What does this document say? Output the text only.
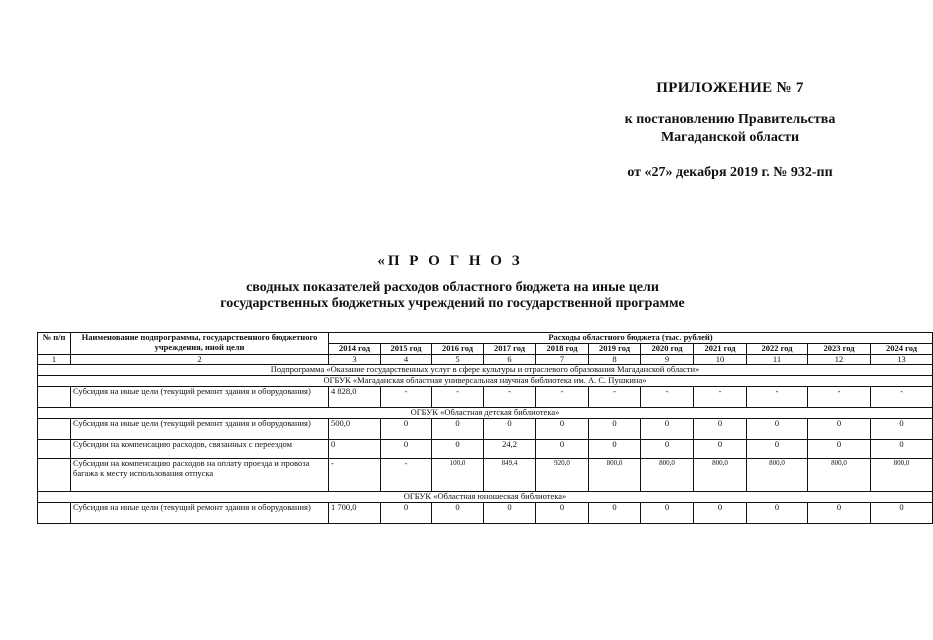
ПРИЛОЖЕНИЕ № 7
к постановлению Правительства
Магаданской области
от «27» декабря 2019 г. № 932-пп
«П Р О Г Н О З
сводных показателей расходов областного бюджета на иные цели
государственных бюджетных учреждений по государственной программе
№ п/п	Наименование подпрограммы, государственного бюджетного учреждения, иной цели	Расходы областного бюджета (тыс. рублей)										
		2014 год	2015 год	2016 год	2017 год	2018 год	2019 год	2020 год	2021 год	2022 год	2023 год	2024 год
1	2	3	4	5	6	7	8	9	10	11	12	13
Подпрограмма «Оказание государственных услуг в сфере культуры и отраслевого образования Магаданской области»												
ОГБУК «Магаданская областная универсальная научная библиотека им. А. С. Пушкина»												
	Субсидия на иные цели (текущий ремонт здания и оборудования)	4 828,0	-	-	-	-	-	-	-	-	-	-
ОГБУК «Областная детская библиотека»												
	Субсидия на иные цели (текущий ремонт здания и оборудования)	500,0	0	0	0	0	0	0	0	0	0	0
	Субсидии на компенсацию расходов, связанных с переездом	0	0	0	24,2	0	0	0	0	0	0	0
	Субсидии на компенсацию расходов на оплату проезда и провоза багажа к месту использования отпуска	-	-	100,0	849,4	920,0	800,0	800,0	800,0	800,0	800,0	800,0
ОГБУК «Областная юношеская библиотека»												
	Субсидия на иные цели (текущий ремонт здания и оборудования)	1 700,0	0	0	0	0	0	0	0	0	0	0
